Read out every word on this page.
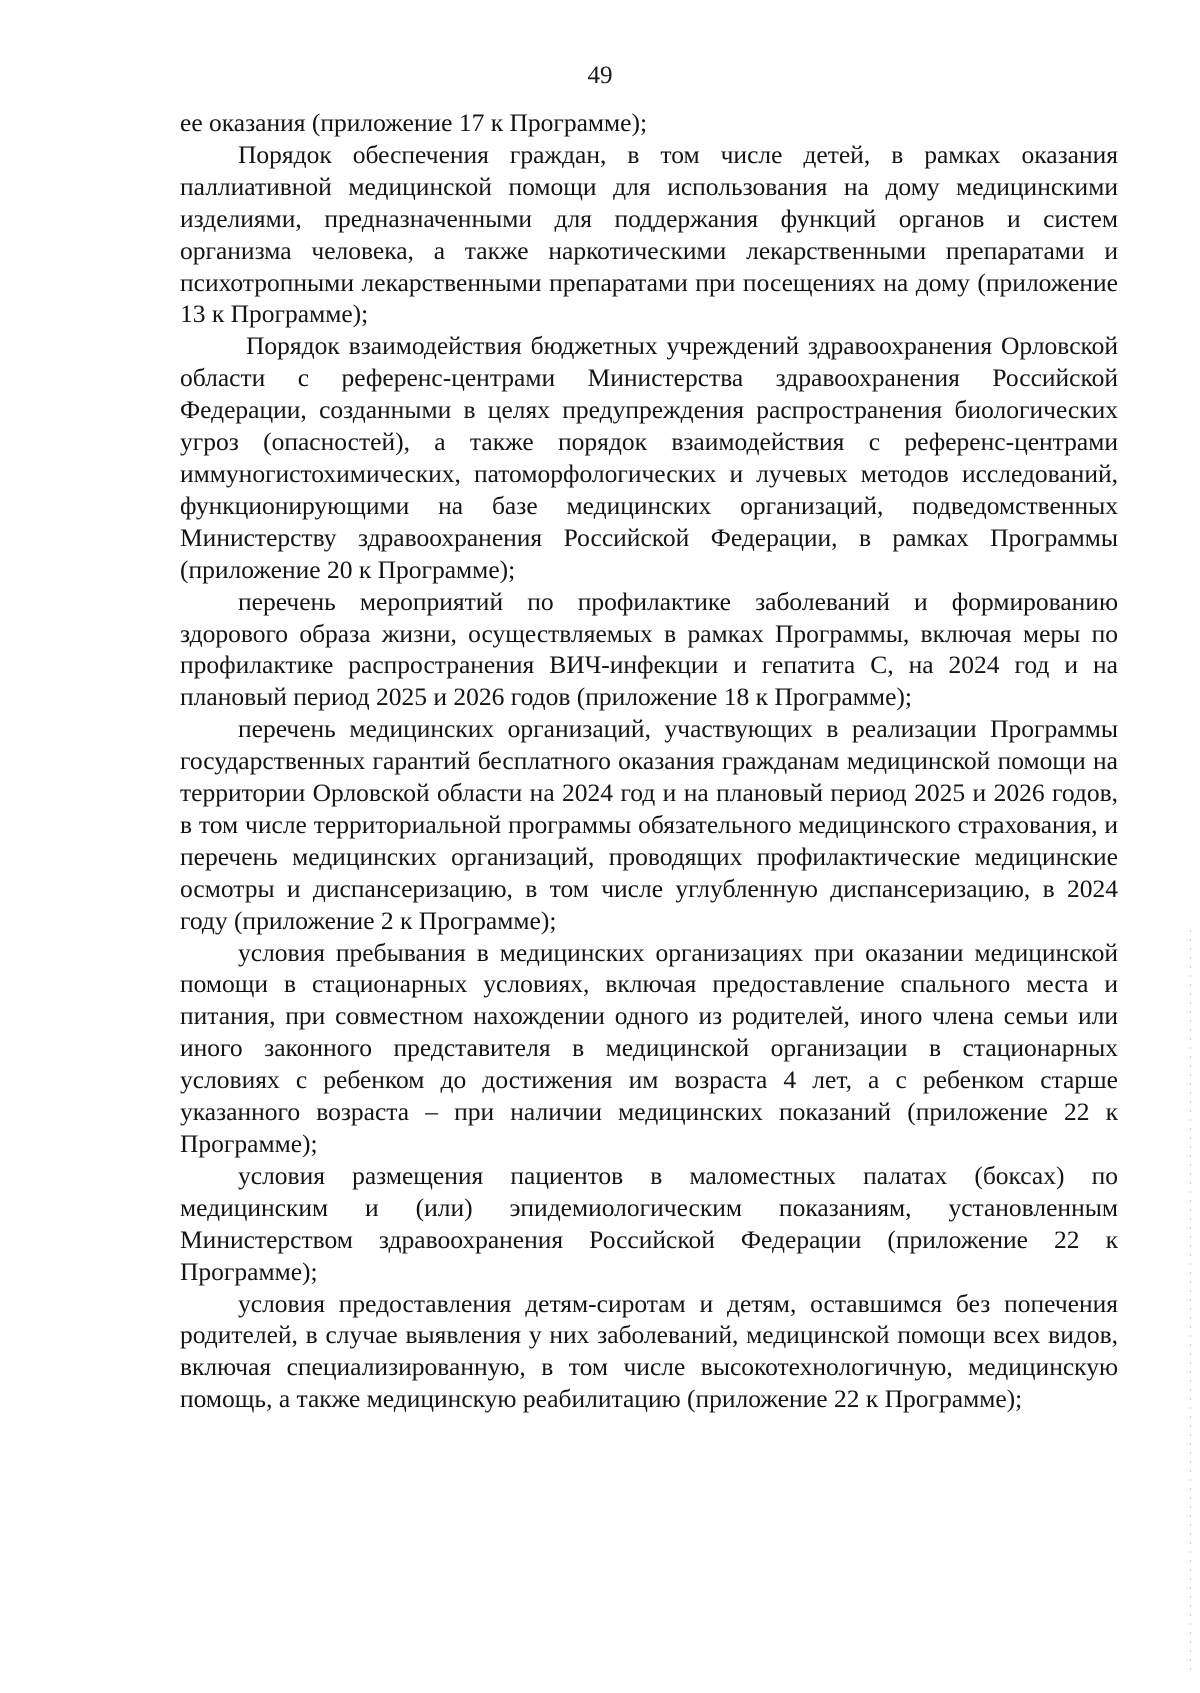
49

ее оказания (приложение 17 к Программе);

Порядок обеспечения граждан, в том числе детей, в рамках оказания паллиативной медицинской помощи для использования на дому медицинскими изделиями, предназначенными для поддержания функций органов и систем организма человека, а также наркотическими лекарственными препаратами и психотропными лекарственными препаратами при посещениях на дому (приложение 13 к Программе);

Порядок взаимодействия бюджетных учреждений здравоохранения Орловской области с референс-центрами Министерства здравоохранения Российской Федерации, созданными в целях предупреждения распространения биологических угроз (опасностей), а также порядок взаимодействия с референс-центрами иммуногистохимических, патоморфологических и лучевых методов исследований, функционирующими на базе медицинских организаций, подведомственных Министерству здравоохранения Российской Федерации, в рамках Программы (приложение 20 к Программе);

перечень мероприятий по профилактике заболеваний и формированию здорового образа жизни, осуществляемых в рамках Программы, включая меры по профилактике распространения ВИЧ-инфекции и гепатита С, на 2024 год и на плановый период 2025 и 2026 годов (приложение 18 к Программе);

перечень медицинских организаций, участвующих в реализации Программы государственных гарантий бесплатного оказания гражданам медицинской помощи на территории Орловской области на 2024 год и на плановый период 2025 и 2026 годов, в том числе территориальной программы обязательного медицинского страхования, и перечень медицинских организаций, проводящих профилактические медицинские осмотры и диспансеризацию, в том числе углубленную диспансеризацию, в 2024 году (приложение 2 к Программе);

условия пребывания в медицинских организациях при оказании медицинской помощи в стационарных условиях, включая предоставление спального места и питания, при совместном нахождении одного из родителей, иного члена семьи или иного законного представителя в медицинской организации в стационарных условиях с ребенком до достижения им возраста 4 лет, а с ребенком старше указанного возраста – при наличии медицинских показаний (приложение 22 к Программе);

условия размещения пациентов в маломестных палатах (боксах) по медицинским и (или) эпидемиологическим показаниям, установленным Министерством здравоохранения Российской Федерации (приложение 22 к Программе);

условия предоставления детям-сиротам и детям, оставшимся без попечения родителей, в случае выявления у них заболеваний, медицинской помощи всех видов, включая специализированную, в том числе высокотехнологичную, медицинскую помощь, а также медицинскую реабилитацию (приложение 22 к Программе);
